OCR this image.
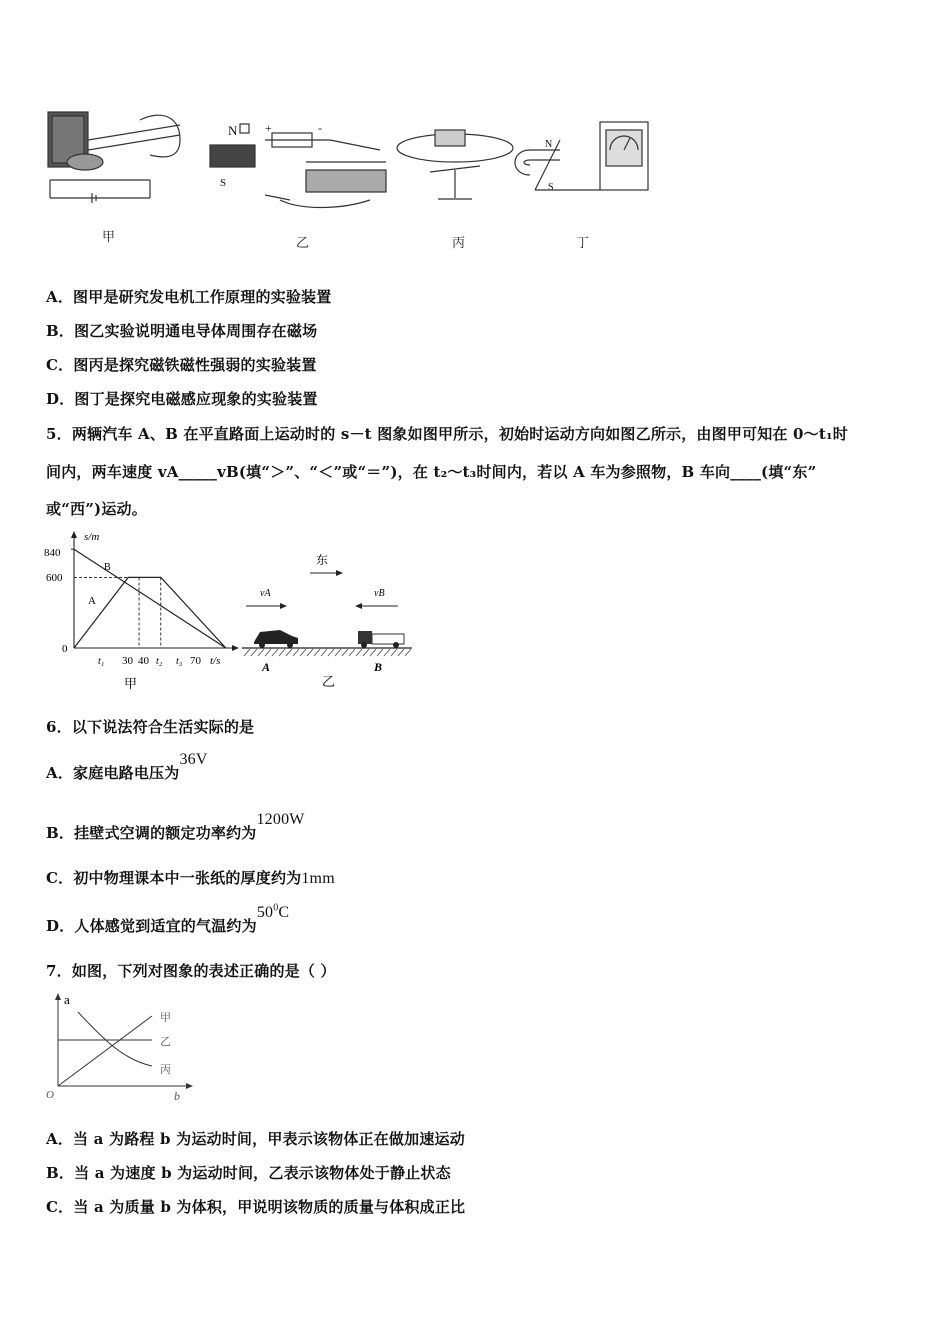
N
S
+	-
N
S
甲	乙	丙	丁
A．图甲是研究发电机工作原理的实验装置
B．图乙实验说明通电导体周围存在磁场
C．图丙是探究磁铁磁性强弱的实验装置
D．图丁是探究电磁感应现象的实验装置
5．两辆汽车 A、B 在平直路面上运动时的 s－t 图象如图甲所示，初始时运动方向如图乙所示，由图甲可知在 0～t₁时
间内，两车速度 vA_____vB(填“＞”、“＜”或“＝”)，在 t₂～t₃时间内，若以 A 车为参照物，B 车向____(填“东”
或“西”)运动。
s/m
840
600
0
t₁ 30 40 t₂ t₃ 70 t/s
A
B
甲
东
vA	vB
A	B
乙
6．以下说法符合生活实际的是
A．家庭电路电压为36V
B．挂壁式空调的额定功率约为1200W
C．初中物理课本中一张纸的厚度约为1mm
D．人体感觉到适宜的气温约为$50^0C$
7．如图，下列对图象的表述正确的是（ ）
a
O	b
甲
乙
丙
A．当 a 为路程 b 为运动时间，甲表示该物体正在做加速运动
B．当 a 为速度 b 为运动时间，乙表示该物体处于静止状态
C．当 a 为质量 b 为体积，甲说明该物质的质量与体积成正比
